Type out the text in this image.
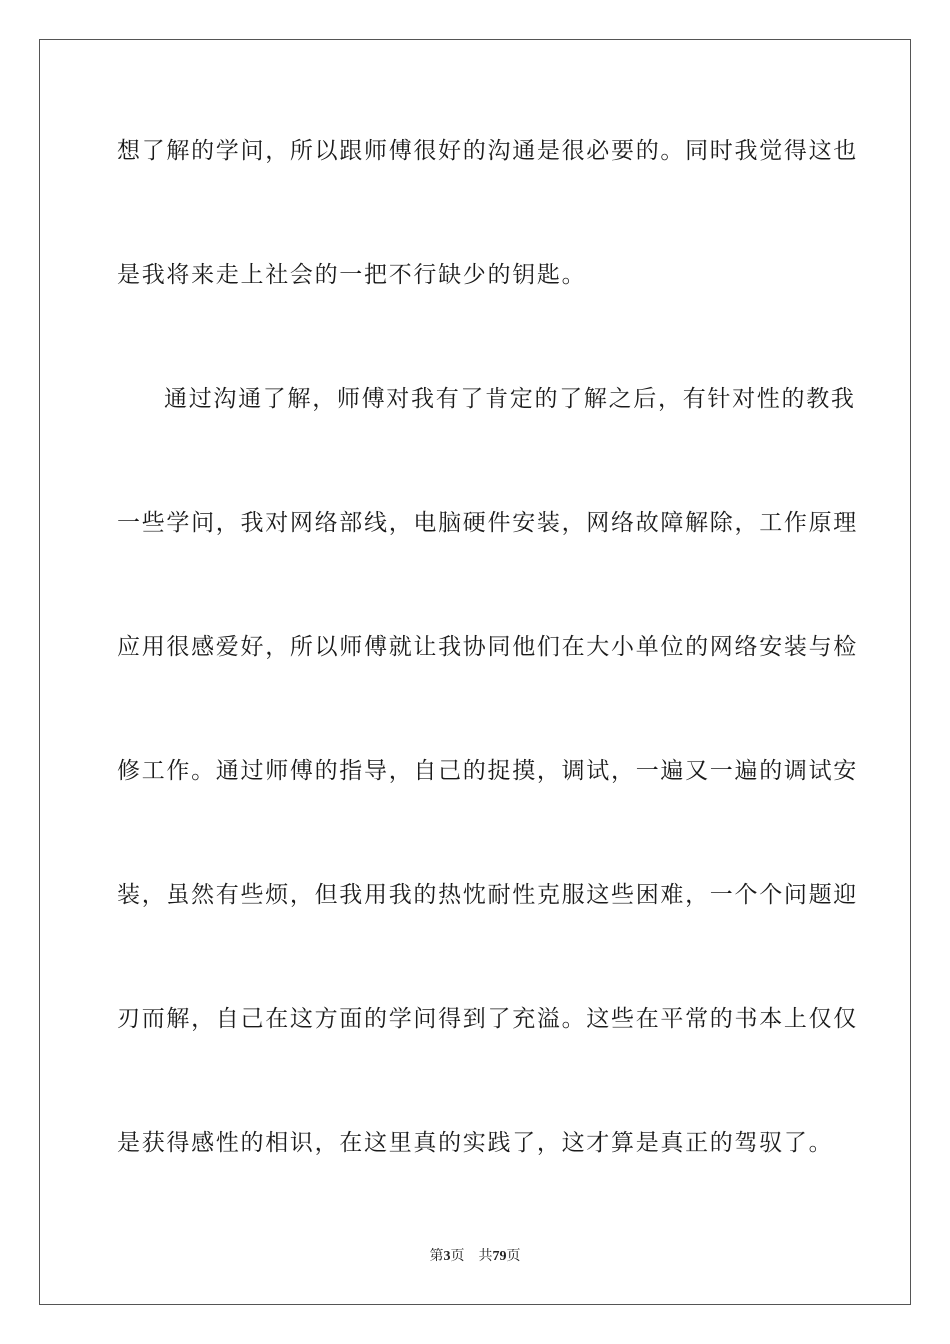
想了解的学问，所以跟师傅很好的沟通是很必要的。同时我觉得这也

是我将来走上社会的一把不行缺少的钥匙。

通过沟通了解，师傅对我有了肯定的了解之后，有针对性的教我

一些学问，我对网络部线，电脑硬件安装，网络故障解除，工作原理

应用很感爱好，所以师傅就让我协同他们在大小单位的网络安装与检

修工作。通过师傅的指导，自己的捉摸，调试，一遍又一遍的调试安

装，虽然有些烦，但我用我的热忱耐性克服这些困难，一个个问题迎

刃而解，自己在这方面的学问得到了充溢。这些在平常的书本上仅仅

是获得感性的相识，在这里真的实践了，这才算是真正的驾驭了。

第3页 共79页
